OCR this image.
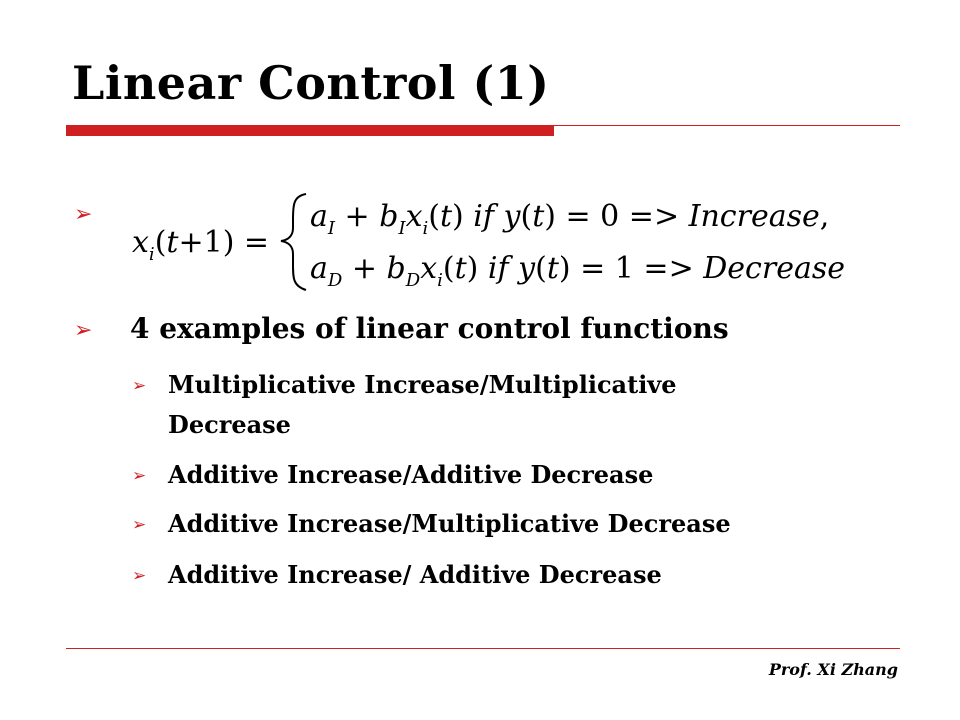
Linear Control (1)
➢
$x_i(t+1)$ =
$a_I + b_Ix_i(t)$ if y(t) = 0 => Increase,
$a_D + b_Dx_i(t)$ if y(t) = 1 => Decrease
➢ 4 examples of linear control functions
➢ Multiplicative Increase/Multiplicative
Decrease
➢ Additive Increase/Additive Decrease
➢ Additive Increase/Multiplicative Decrease
➢ Additive Increase/ Additive Decrease
Prof. Xi Zhang
